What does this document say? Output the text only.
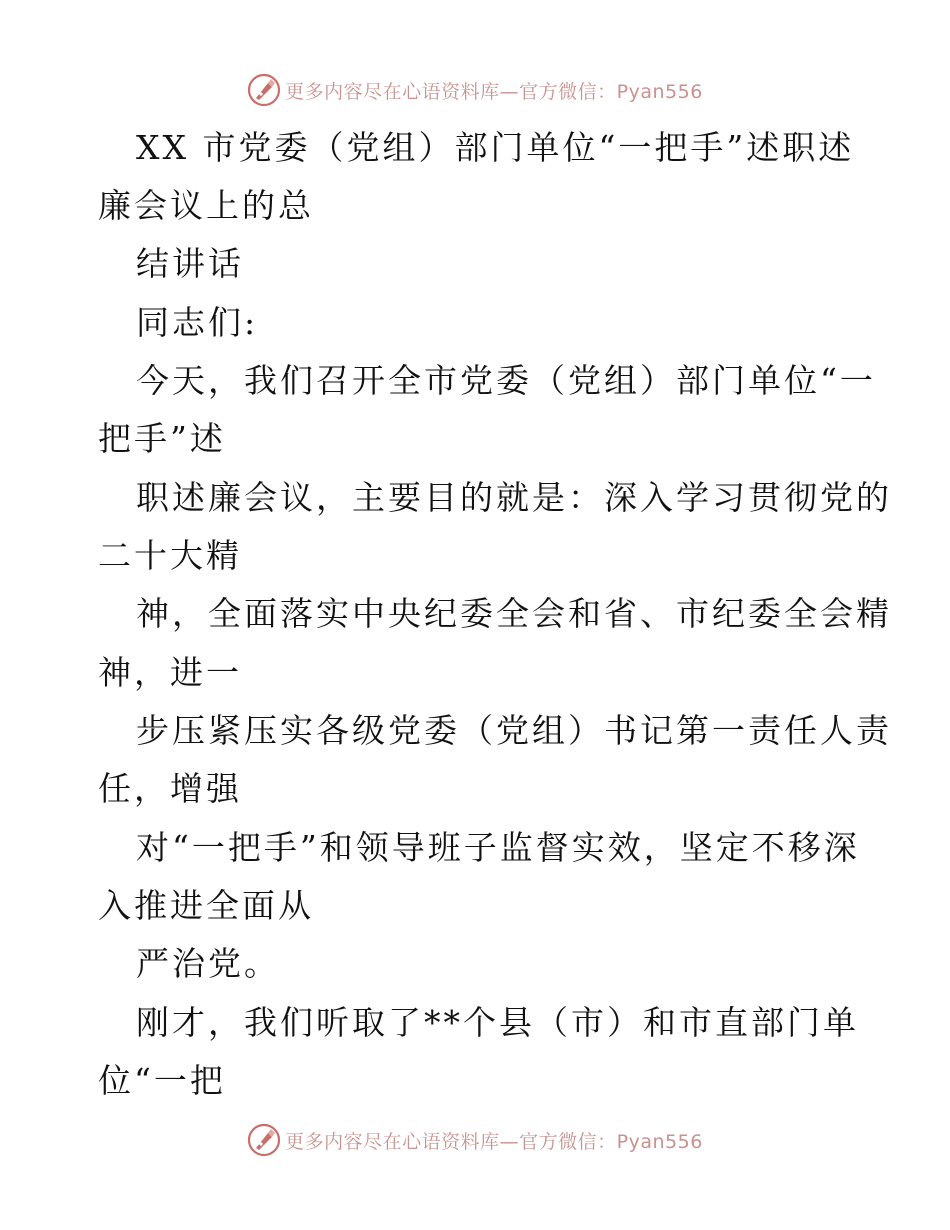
更多内容尽在心语资料库—官方微信：Pyan556
XX 市党委（党组）部门单位“一把手”述职述
廉会议上的总
结讲话
同志们:
今天，我们召开全市党委（党组）部门单位“一
把手”述
职述廉会议，主要目的就是：深入学习贯彻党的
二十大精
神，全面落实中央纪委全会和省、市纪委全会精
神，进一
步压紧压实各级党委（党组）书记第一责任人责
任，增强
对“一把手”和领导班子监督实效，坚定不移深
入推进全面从
严治党。
刚才，我们听取了**个县（市）和市直部门单
位“一把
更多内容尽在心语资料库—官方微信：Pyan556
